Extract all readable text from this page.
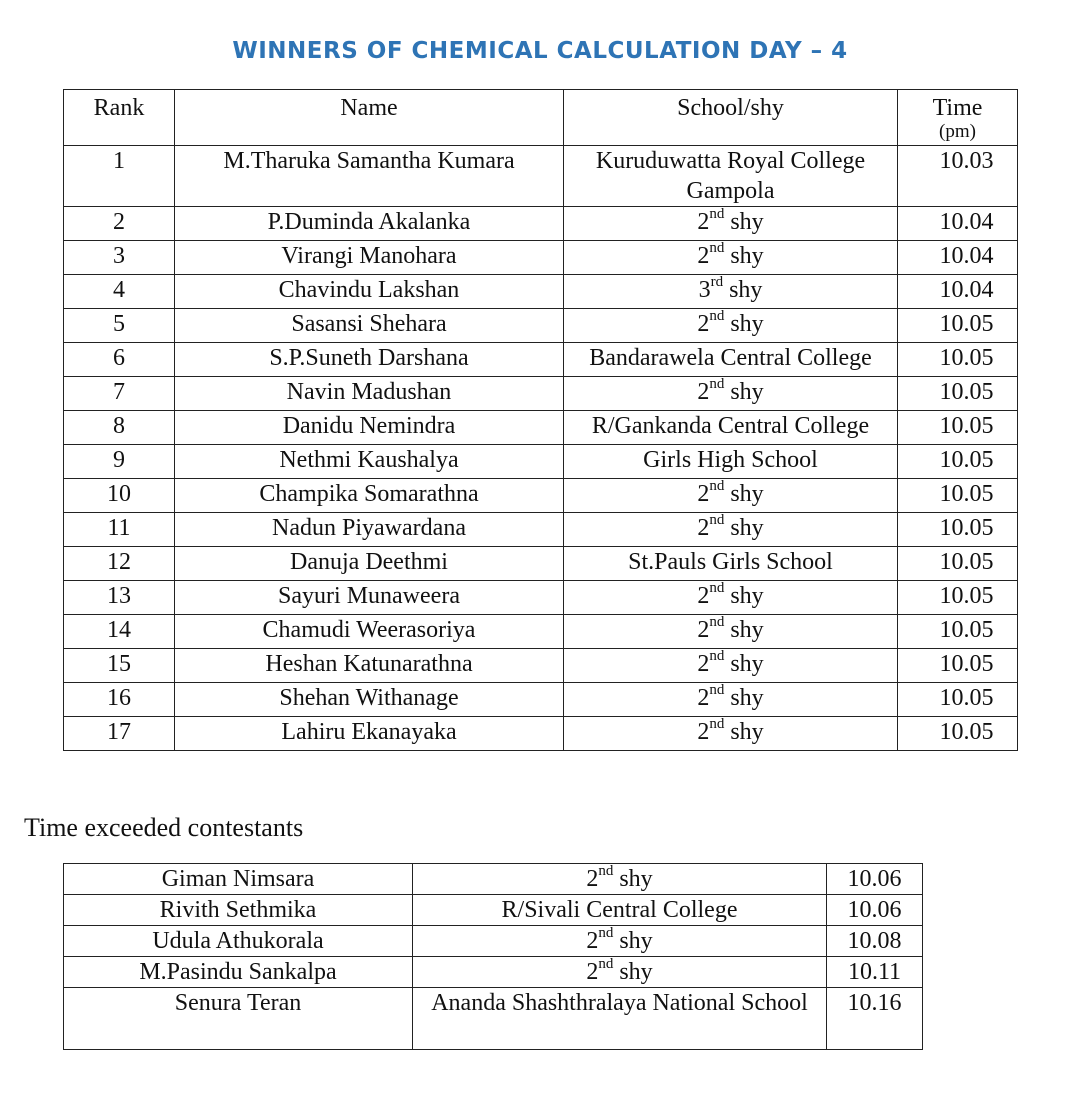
WINNERS OF CHEMICAL CALCULATION DAY – 4
Rank	Name	School/shy	Time
(pm)

1	M.Tharuka Samantha Kumara	Kuruduwatta Royal College Gampola	10.03
2	P.Duminda Akalanka	2nd shy	10.04
3	Virangi Manohara	2nd shy	10.04
4	Chavindu Lakshan	3rd shy	10.04
5	Sasansi Shehara	2nd shy	10.05
6	S.P.Suneth Darshana	Bandarawela Central College	10.05
7	Navin Madushan	2nd shy	10.05
8	Danidu Nemindra	R/Gankanda Central College	10.05
9	Nethmi Kaushalya	Girls High School	10.05
10	Champika Somarathna	2nd shy	10.05
11	Nadun Piyawardana	2nd shy	10.05
12	Danuja Deethmi	St.Pauls Girls School	10.05
13	Sayuri Munaweera	2nd shy	10.05
14	Chamudi Weerasoriya	2nd shy	10.05
15	Heshan Katunarathna	2nd shy	10.05
16	Shehan Withanage	2nd shy	10.05
17	Lahiru Ekanayaka	2nd shy	10.05
Time exceeded contestants
Giman Nimsara	2nd shy	10.06
Rivith Sethmika	R/Sivali Central College	10.06
Udula Athukorala	2nd shy	10.08
M.Pasindu Sankalpa	2nd shy	10.11
Senura Teran	Ananda Shashthralaya National School	10.16
